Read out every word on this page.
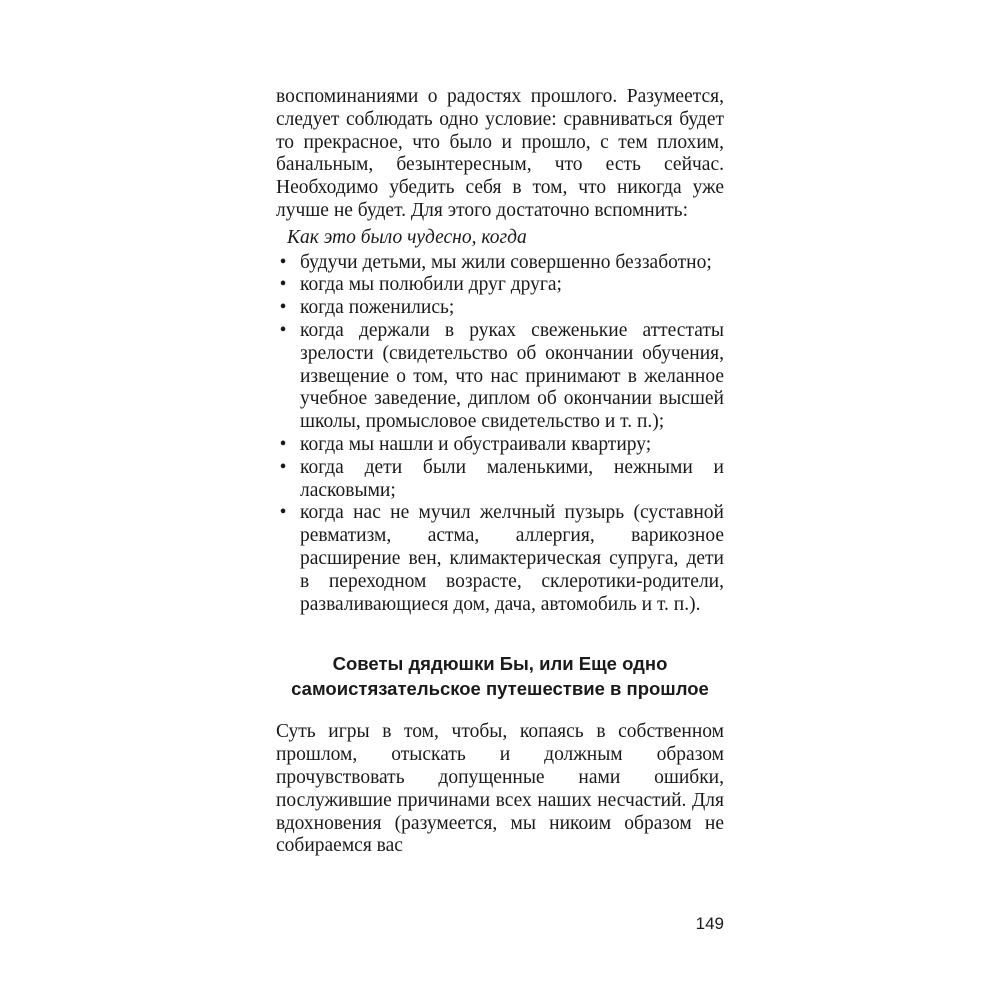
воспоминаниями о радостях прошлого. Разумеется, следует соблюдать одно условие: сравниваться будет то прекрасное, что было и прошло, с тем плохим, банальным, безынтересным, что есть сейчас. Необходимо убедить себя в том, что никогда уже лучше не будет. Для этого достаточно вспомнить:

Как это было чудесно, когда

• будучи детьми, мы жили совершенно беззаботно;
• когда мы полюбили друг друга;
• когда поженились;
• когда держали в руках свеженькие аттестаты зрелости (свидетельство об окончании обучения, извещение о том, что нас принимают в желанное учебное заведение, диплом об окончании высшей школы, промысловое свидетельство и т. п.);
• когда мы нашли и обустраивали квартиру;
• когда дети были маленькими, нежными и ласковыми;
• когда нас не мучил желчный пузырь (суставной ревматизм, астма, аллергия, варикозное расширение вен, климактерическая супруга, дети в переходном возрасте, склеротики-родители, разваливающиеся дом, дача, автомобиль и т. п.).
Советы дядюшки Бы, или Еще одно
самоистязательское путешествие в прошлое

Суть игры в том, чтобы, копаясь в собственном прошлом, отыскать и должным образом прочувствовать допущенные нами ошибки, послужившие причинами всех наших несчастий. Для вдохновения (разумеется, мы никоим образом не собираемся вас

149
